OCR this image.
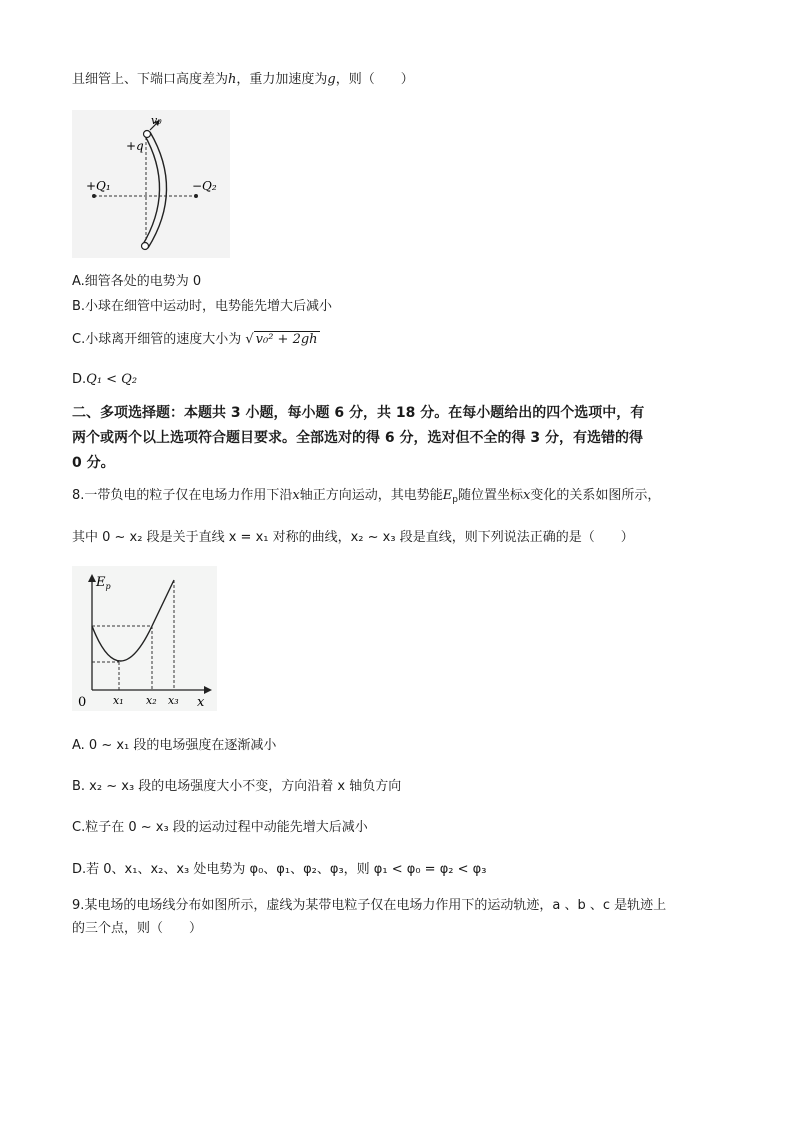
且细管上、下端口高度差为h，重力加速度为g，则（　　）
v₀
+q
+Q₁	−Q₂
A.细管各处的电势为 0
B.小球在细管中运动时，电势能先增大后减小
C.小球离开细管的速度大小为 √ v₀² + 2gh
D.Q₁ < Q₂
二、多项选择题：本题共 3 小题，每小题 6 分，共 18 分。在每小题给出的四个选项中，有
两个或两个以上选项符合题目要求。全部选对的得 6 分，选对但不全的得 3 分，有选错的得
0 分。
8.一带负电的粒子仅在电场力作用下沿x轴正方向运动，其电势能$E_p$随位置坐标x变化的关系如图所示，
其中 0 ~ x₂ 段是关于直线 x = x₁ 对称的曲线，x₂ ~ x₃ 段是直线，则下列说法正确的是（　　）
$E_p$
0	x
x₁ x₂ x₃
A. 0 ~ x₁ 段的电场强度在逐渐减小
B. x₂ ~ x₃ 段的电场强度大小不变，方向沿着 x 轴负方向
C.粒子在 0 ~ x₃ 段的运动过程中动能先增大后减小
D.若 0、x₁、x₂、x₃ 处电势为 φ₀、φ₁、φ₂、φ₃，则 φ₁ < φ₀ = φ₂ < φ₃
9.某电场的电场线分布如图所示，虚线为某带电粒子仅在电场力作用下的运动轨迹，a 、b 、c 是轨迹上
的三个点，则（　　）
